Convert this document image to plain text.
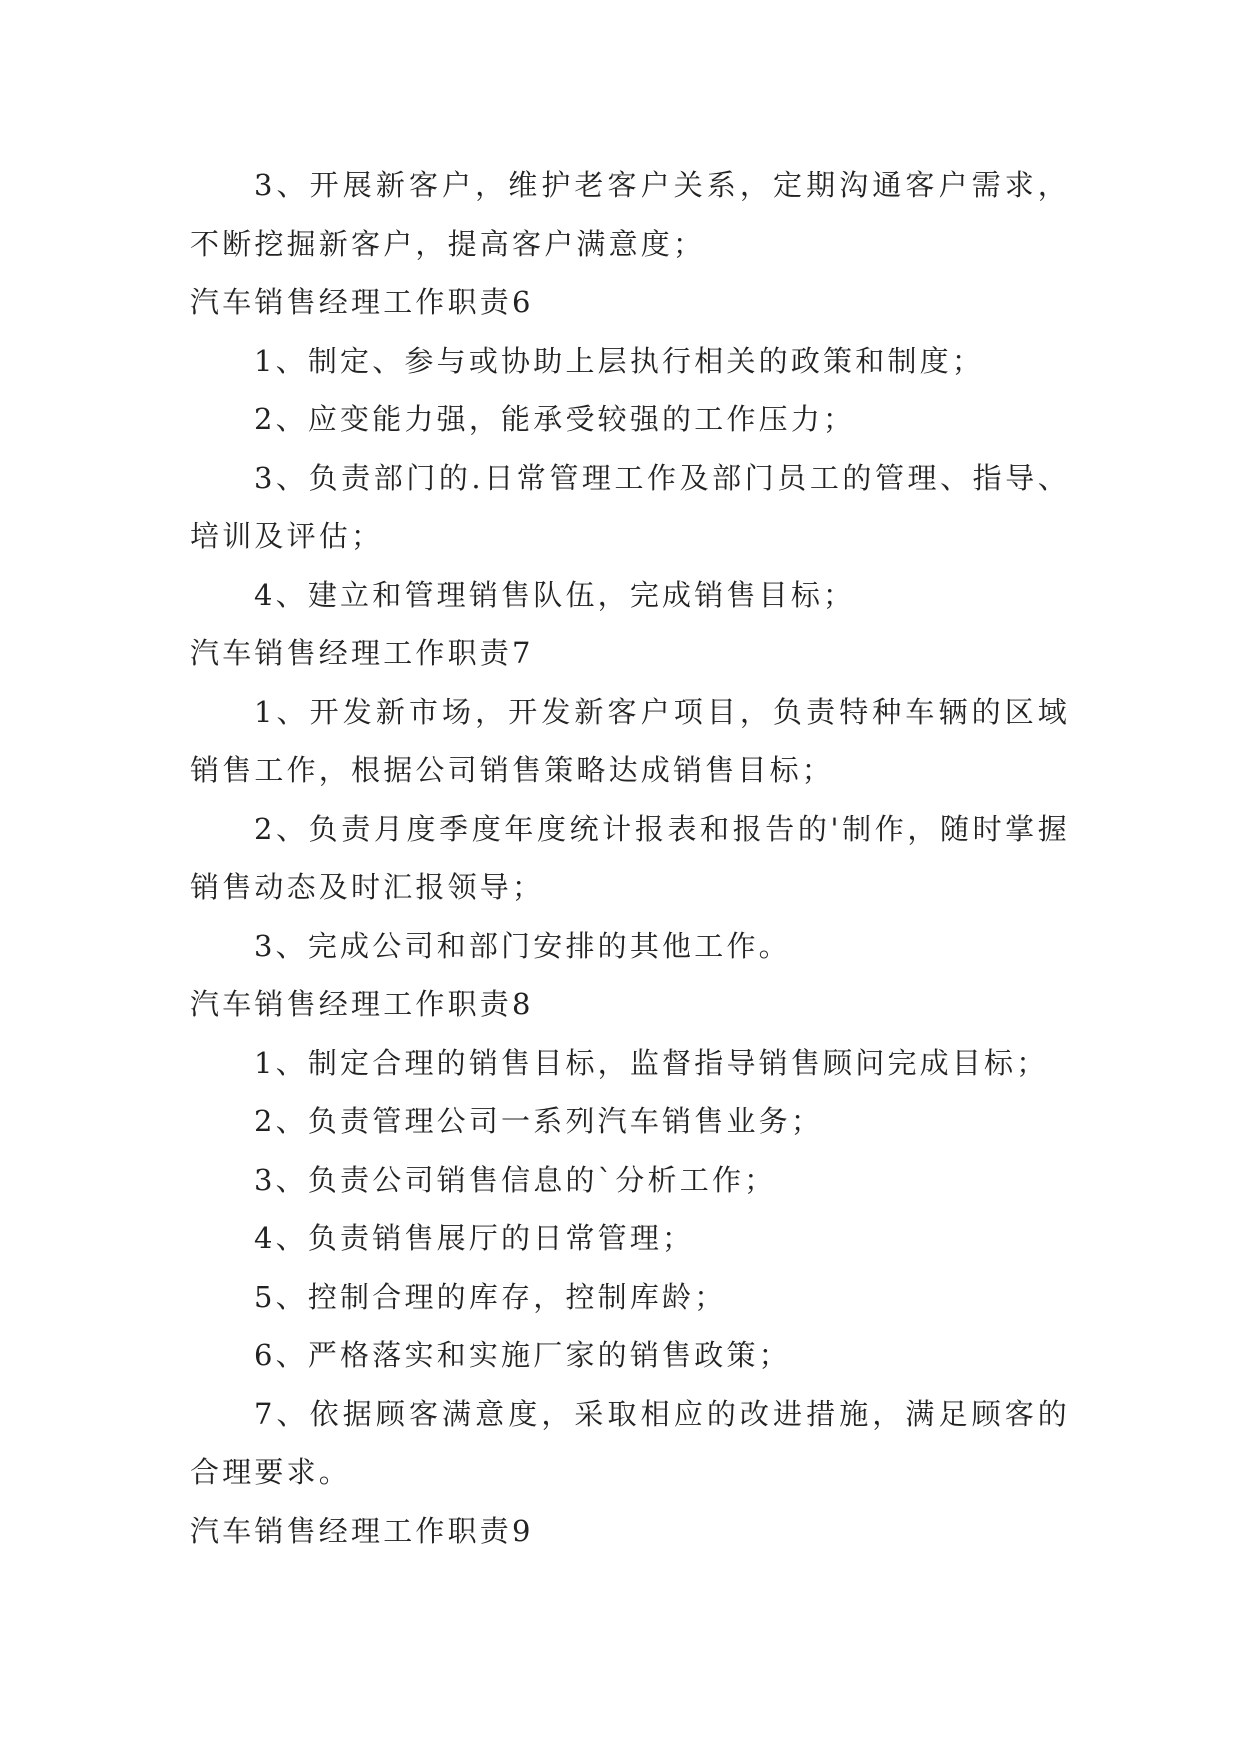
3、开展新客户，维护老客户关系，定期沟通客户需求，不断挖掘新客户，提高客户满意度；

汽车销售经理工作职责6

1、制定、参与或协助上层执行相关的政策和制度；

2、应变能力强，能承受较强的工作压力；

3、负责部门的.日常管理工作及部门员工的管理、指导、培训及评估；

4、建立和管理销售队伍，完成销售目标；

汽车销售经理工作职责7

1、开发新市场，开发新客户项目，负责特种车辆的区域销售工作，根据公司销售策略达成销售目标；

2、负责月度季度年度统计报表和报告的'制作，随时掌握销售动态及时汇报领导；

3、完成公司和部门安排的其他工作。

汽车销售经理工作职责8

1、制定合理的销售目标，监督指导销售顾问完成目标；

2、负责管理公司一系列汽车销售业务；

3、负责公司销售信息的`分析工作；

4、负责销售展厅的日常管理；

5、控制合理的库存，控制库龄；

6、严格落实和实施厂家的销售政策；

7、依据顾客满意度，采取相应的改进措施，满足顾客的合理要求。

汽车销售经理工作职责9
